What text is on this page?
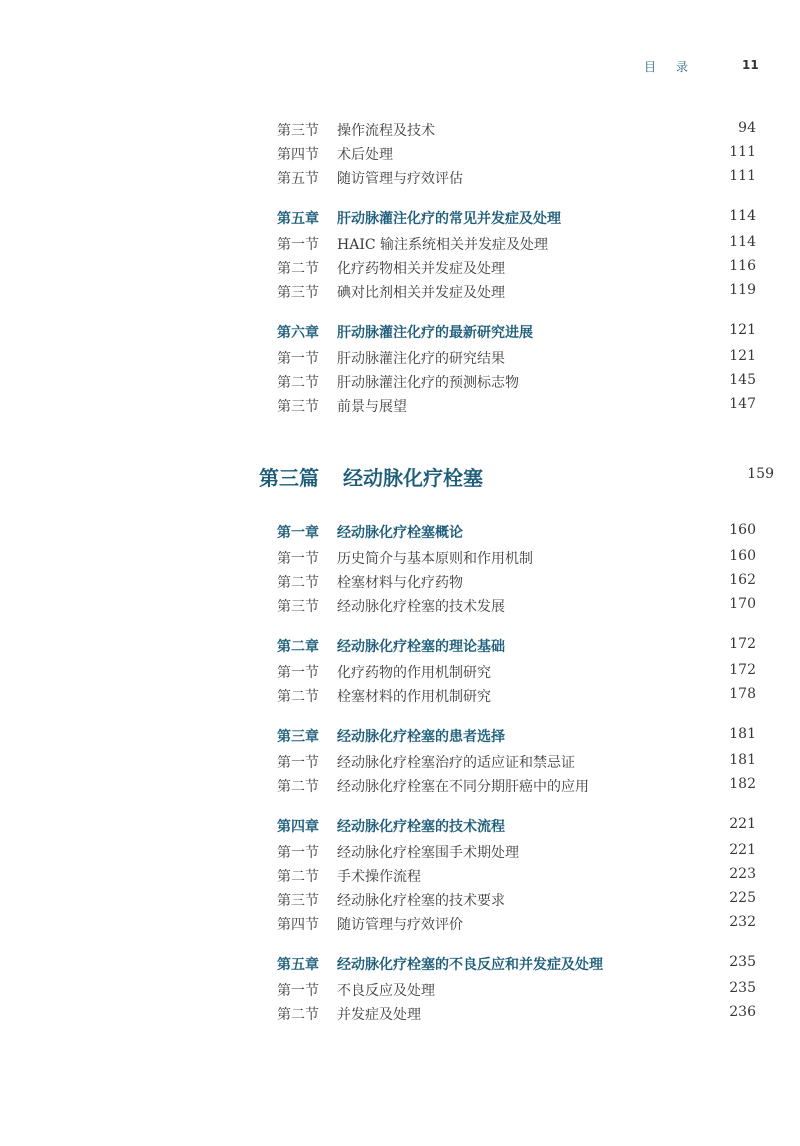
目录	11
第三节 操作流程及技术	94
第四节 术后处理	111
第五节 随访管理与疗效评估	111
第五章 肝动脉灌注化疗的常见并发症及处理	114
第一节 HAIC 输注系统相关并发症及处理	114
第二节 化疗药物相关并发症及处理	116
第三节 碘对比剂相关并发症及处理	119
第六章 肝动脉灌注化疗的最新研究进展	121
第一节 肝动脉灌注化疗的研究结果	121
第二节 肝动脉灌注化疗的预测标志物	145
第三节 前景与展望	147
第三篇 经动脉化疗栓塞	159
第一章 经动脉化疗栓塞概论	160
第一节 历史简介与基本原则和作用机制	160
第二节 栓塞材料与化疗药物	162
第三节 经动脉化疗栓塞的技术发展	170
第二章 经动脉化疗栓塞的理论基础	172
第一节 化疗药物的作用机制研究	172
第二节 栓塞材料的作用机制研究	178
第三章 经动脉化疗栓塞的患者选择	181
第一节 经动脉化疗栓塞治疗的适应证和禁忌证	181
第二节 经动脉化疗栓塞在不同分期肝癌中的应用	182
第四章 经动脉化疗栓塞的技术流程	221
第一节 经动脉化疗栓塞围手术期处理	221
第二节 手术操作流程	223
第三节 经动脉化疗栓塞的技术要求	225
第四节 随访管理与疗效评价	232
第五章 经动脉化疗栓塞的不良反应和并发症及处理	235
第一节 不良反应及处理	235
第二节 并发症及处理	236
